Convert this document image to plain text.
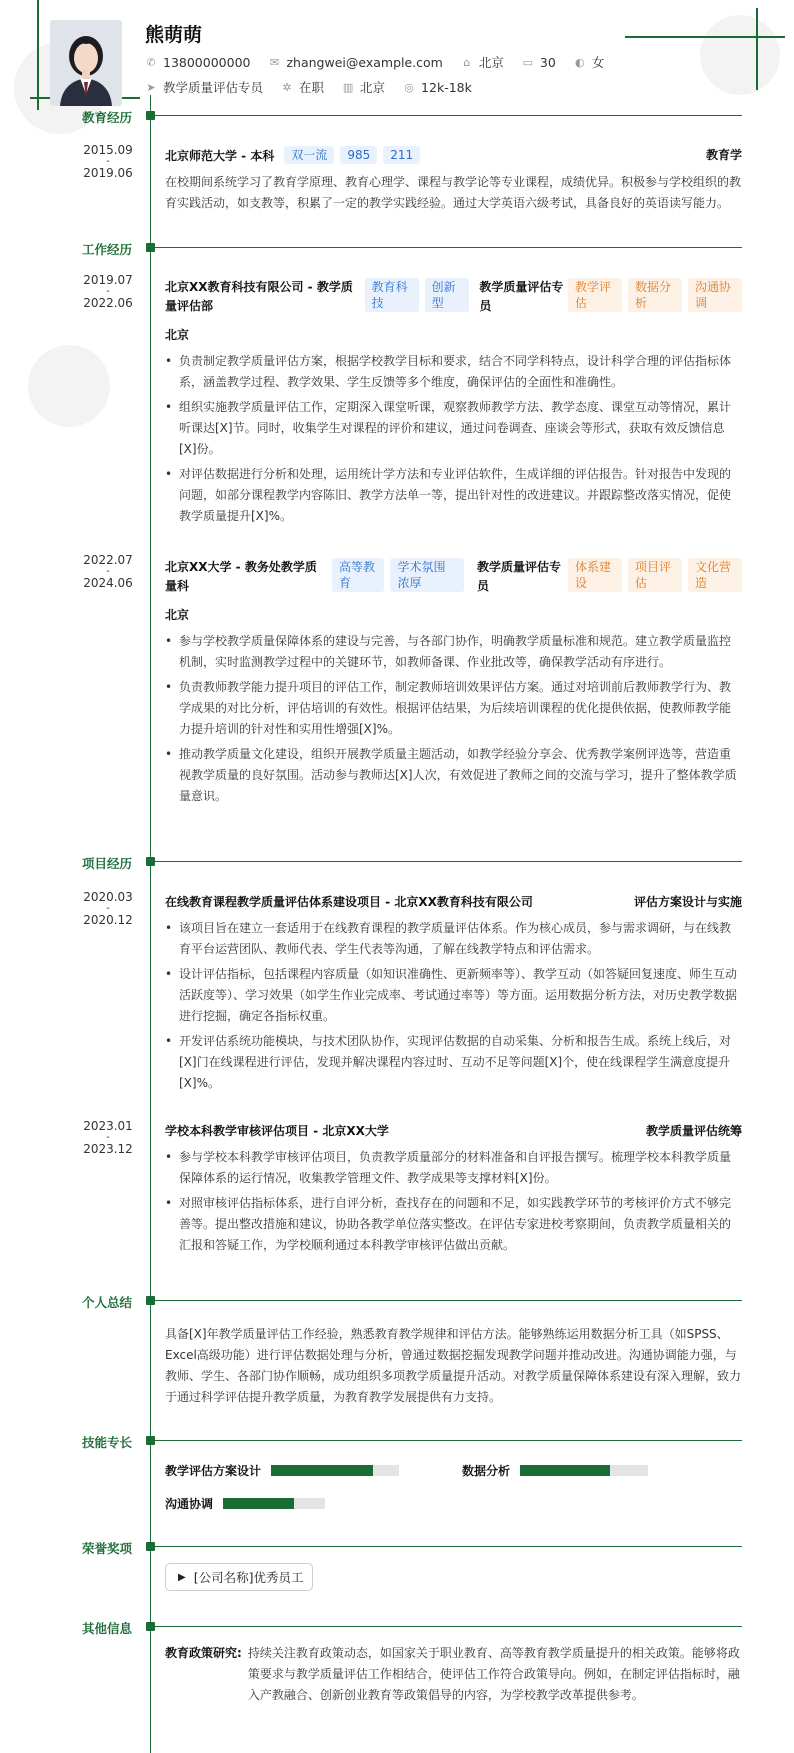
熊萌萌
✆ 13800000000 ✉ zhangwei@example.com ⌂ 北京 ▭ 30 ◐ 女
➤ 教学质量评估专员 ✲ 在职 ▥ 北京 ◎ 12k-18k
教育经历
2015.09
-
2019.06
北京师范大学 - 本科	双一流	985	211	教育学
在校期间系统学习了教育学原理、教育心理学、课程与教学论等专业课程，成绩优异。积极参与学校组织的教育实践活动，如支教等，积累了一定的教学实践经验。通过大学英语六级考试，具备良好的英语读写能力。
工作经历
2019.07
-
2022.06
北京XX教育科技有限公司 - 教学质量评估部
教育科技
创新型
教学质量评估专员
教学评估
数据分析
沟通协调
北京
• 负责制定教学质量评估方案，根据学校教学目标和要求，结合不同学科特点，设计科学合理的评估指标体系，涵盖教学过程、教学效果、学生反馈等多个维度，确保评估的全面性和准确性。
• 组织实施教学质量评估工作，定期深入课堂听课，观察教师教学方法、教学态度、课堂互动等情况，累计听课达[X]节。同时，收集学生对课程的评价和建议，通过问卷调查、座谈会等形式，获取有效反馈信息[X]份。
• 对评估数据进行分析和处理，运用统计学方法和专业评估软件，生成详细的评估报告。针对报告中发现的问题，如部分课程教学内容陈旧、教学方法单一等，提出针对性的改进建议。并跟踪整改落实情况，促使教学质量提升[X]%。
2022.07
-
2024.06
北京XX大学 - 教务处教学质量科
高等教育
学术氛围浓厚
教学质量评估专员
体系建设
项目评估
文化营造
北京
• 参与学校教学质量保障体系的建设与完善，与各部门协作，明确教学质量标准和规范。建立教学质量监控机制，实时监测教学过程中的关键环节，如教师备课、作业批改等，确保教学活动有序进行。
• 负责教师教学能力提升项目的评估工作，制定教师培训效果评估方案。通过对培训前后教师教学行为、教学成果的对比分析，评估培训的有效性。根据评估结果，为后续培训课程的优化提供依据，使教师教学能力提升培训的针对性和实用性增强[X]%。
• 推动教学质量文化建设，组织开展教学质量主题活动，如教学经验分享会、优秀教学案例评选等，营造重视教学质量的良好氛围。活动参与教师达[X]人次，有效促进了教师之间的交流与学习，提升了整体教学质量意识。
项目经历
2020.03
-
2020.12
在线教育课程教学质量评估体系建设项目 - 北京XX教育科技有限公司	评估方案设计与实施
• 该项目旨在建立一套适用于在线教育课程的教学质量评估体系。作为核心成员，参与需求调研，与在线教育平台运营团队、教师代表、学生代表等沟通，了解在线教学特点和评估需求。
• 设计评估指标，包括课程内容质量（如知识准确性、更新频率等）、教学互动（如答疑回复速度、师生互动活跃度等）、学习效果（如学生作业完成率、考试通过率等）等方面。运用数据分析方法，对历史教学数据进行挖掘，确定各指标权重。
• 开发评估系统功能模块，与技术团队协作，实现评估数据的自动采集、分析和报告生成。系统上线后，对[X]门在线课程进行评估，发现并解决课程内容过时、互动不足等问题[X]个，使在线课程学生满意度提升[X]%。
2023.01
-
2023.12
学校本科教学审核评估项目 - 北京XX大学	教学质量评估统筹
• 参与学校本科教学审核评估项目，负责教学质量部分的材料准备和自评报告撰写。梳理学校本科教学质量保障体系的运行情况，收集教学管理文件、教学成果等支撑材料[X]份。
• 对照审核评估指标体系，进行自评分析，查找存在的问题和不足，如实践教学环节的考核评价方式不够完善等。提出整改措施和建议，协助各教学单位落实整改。在评估专家进校考察期间，负责教学质量相关的汇报和答疑工作，为学校顺利通过本科教学审核评估做出贡献。
个人总结
具备[X]年教学质量评估工作经验，熟悉教育教学规律和评估方法。能够熟练运用数据分析工具（如SPSS、Excel高级功能）进行评估数据处理与分析，曾通过数据挖掘发现教学问题并推动改进。沟通协调能力强，与教师、学生、各部门协作顺畅，成功组织多项教学质量提升活动。对教学质量保障体系建设有深入理解，致力于通过科学评估提升教学质量，为教育教学发展提供有力支持。
技能专长
教学评估方案设计	数据分析
沟通协调
荣誉奖项
▶ [公司名称]优秀员工
其他信息
教育政策研究: 持续关注教育政策动态，如国家关于职业教育、高等教育教学质量提升的相关政策。能够将政策要求与教学质量评估工作相结合，使评估工作符合政策导向。例如，在制定评估指标时，融入产教融合、创新创业教育等政策倡导的内容，为学校教学改革提供参考。
